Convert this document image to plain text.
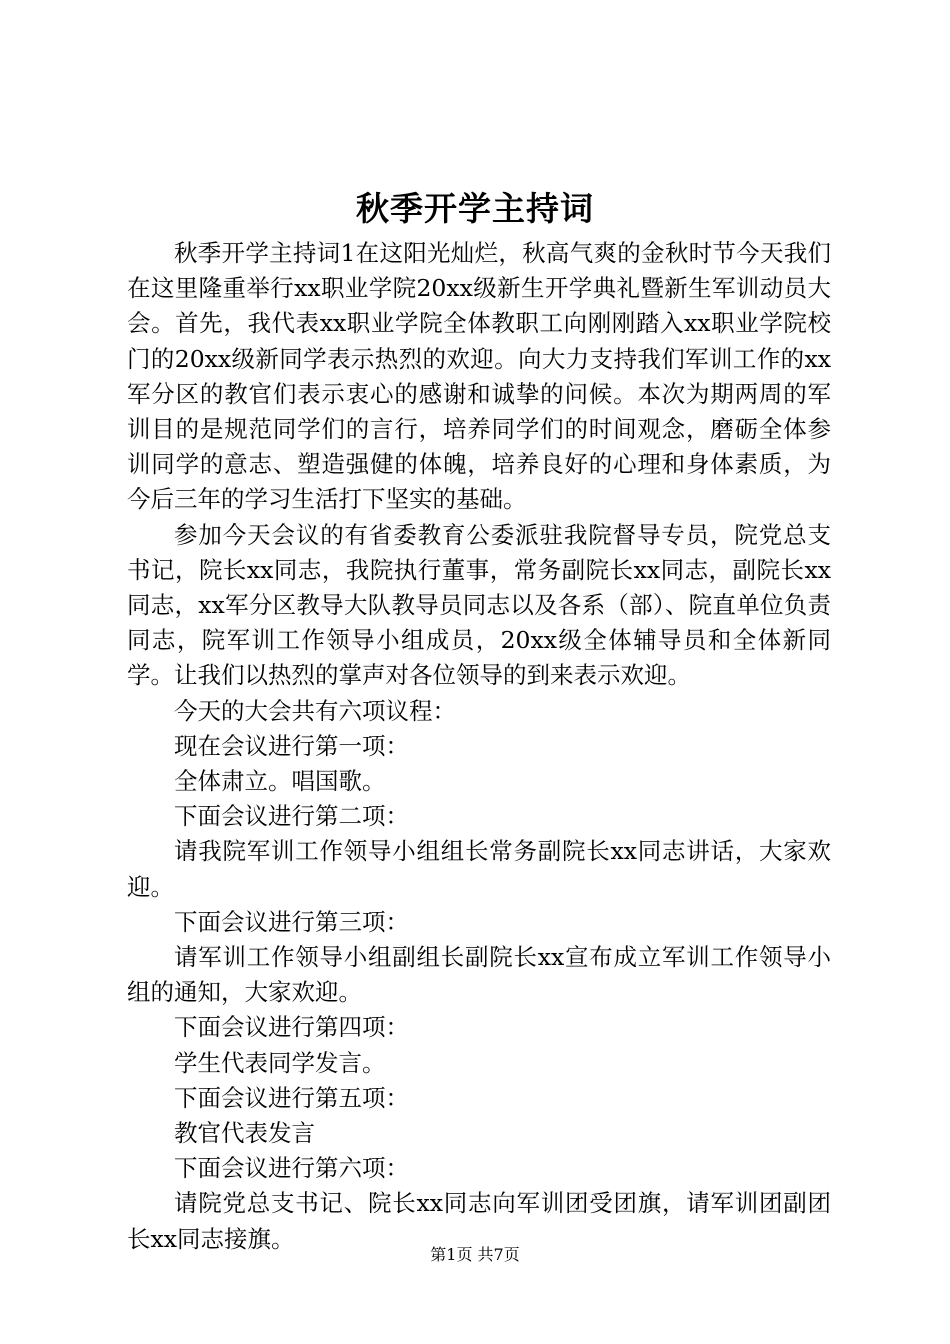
秋季开学主持词

秋季开学主持词1在这阳光灿烂，秋高气爽的金秋时节今天我们在这里隆重举行xx职业学院20xx级新生开学典礼暨新生军训动员大会。首先，我代表xx职业学院全体教职工向刚刚踏入xx职业学院校门的20xx级新同学表示热烈的欢迎。向大力支持我们军训工作的xx军分区的教官们表示衷心的感谢和诚挚的问候。本次为期两周的军训目的是规范同学们的言行，培养同学们的时间观念，磨砺全体参训同学的意志、塑造强健的体魄，培养良好的心理和身体素质，为今后三年的学习生活打下坚实的基础。

参加今天会议的有省委教育公委派驻我院督导专员，院党总支书记，院长xx同志，我院执行董事，常务副院长xx同志，副院长xx同志，xx军分区教导大队教导员同志以及各系（部）、院直单位负责同志，院军训工作领导小组成员，20xx级全体辅导员和全体新同学。让我们以热烈的掌声对各位领导的到来表示欢迎。

今天的大会共有六项议程：

现在会议进行第一项：

全体肃立。唱国歌。

下面会议进行第二项：

请我院军训工作领导小组组长常务副院长xx同志讲话，大家欢迎。

下面会议进行第三项：

请军训工作领导小组副组长副院长xx宣布成立军训工作领导小组的通知，大家欢迎。

下面会议进行第四项：

学生代表同学发言。

下面会议进行第五项：

教官代表发言

下面会议进行第六项：

请院党总支书记、院长xx同志向军训团受团旗，请军训团副团长xx同志接旗。

第1页 共7页
